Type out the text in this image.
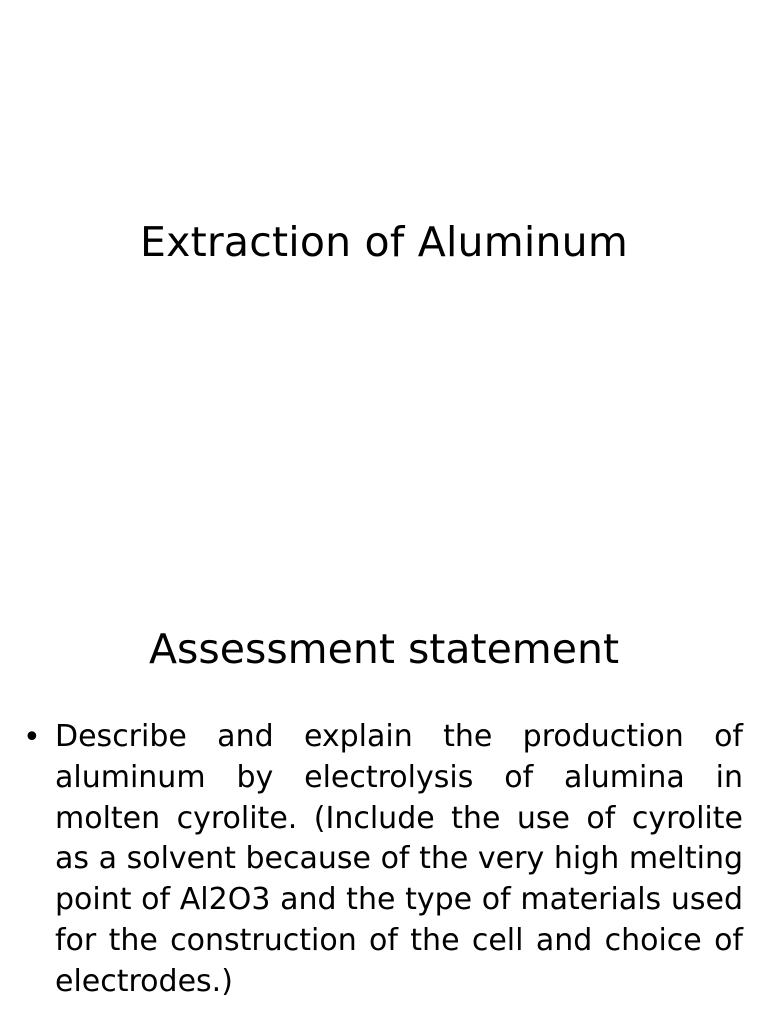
Extraction of Aluminum
Assessment statement
• Describe and explain the production of aluminum by electrolysis of alumina in molten cyrolite. (Include the use of cyrolite as a solvent because of the very high melting point of Al2O3 and the type of materials used for the construction of the cell and choice of electrodes.)
